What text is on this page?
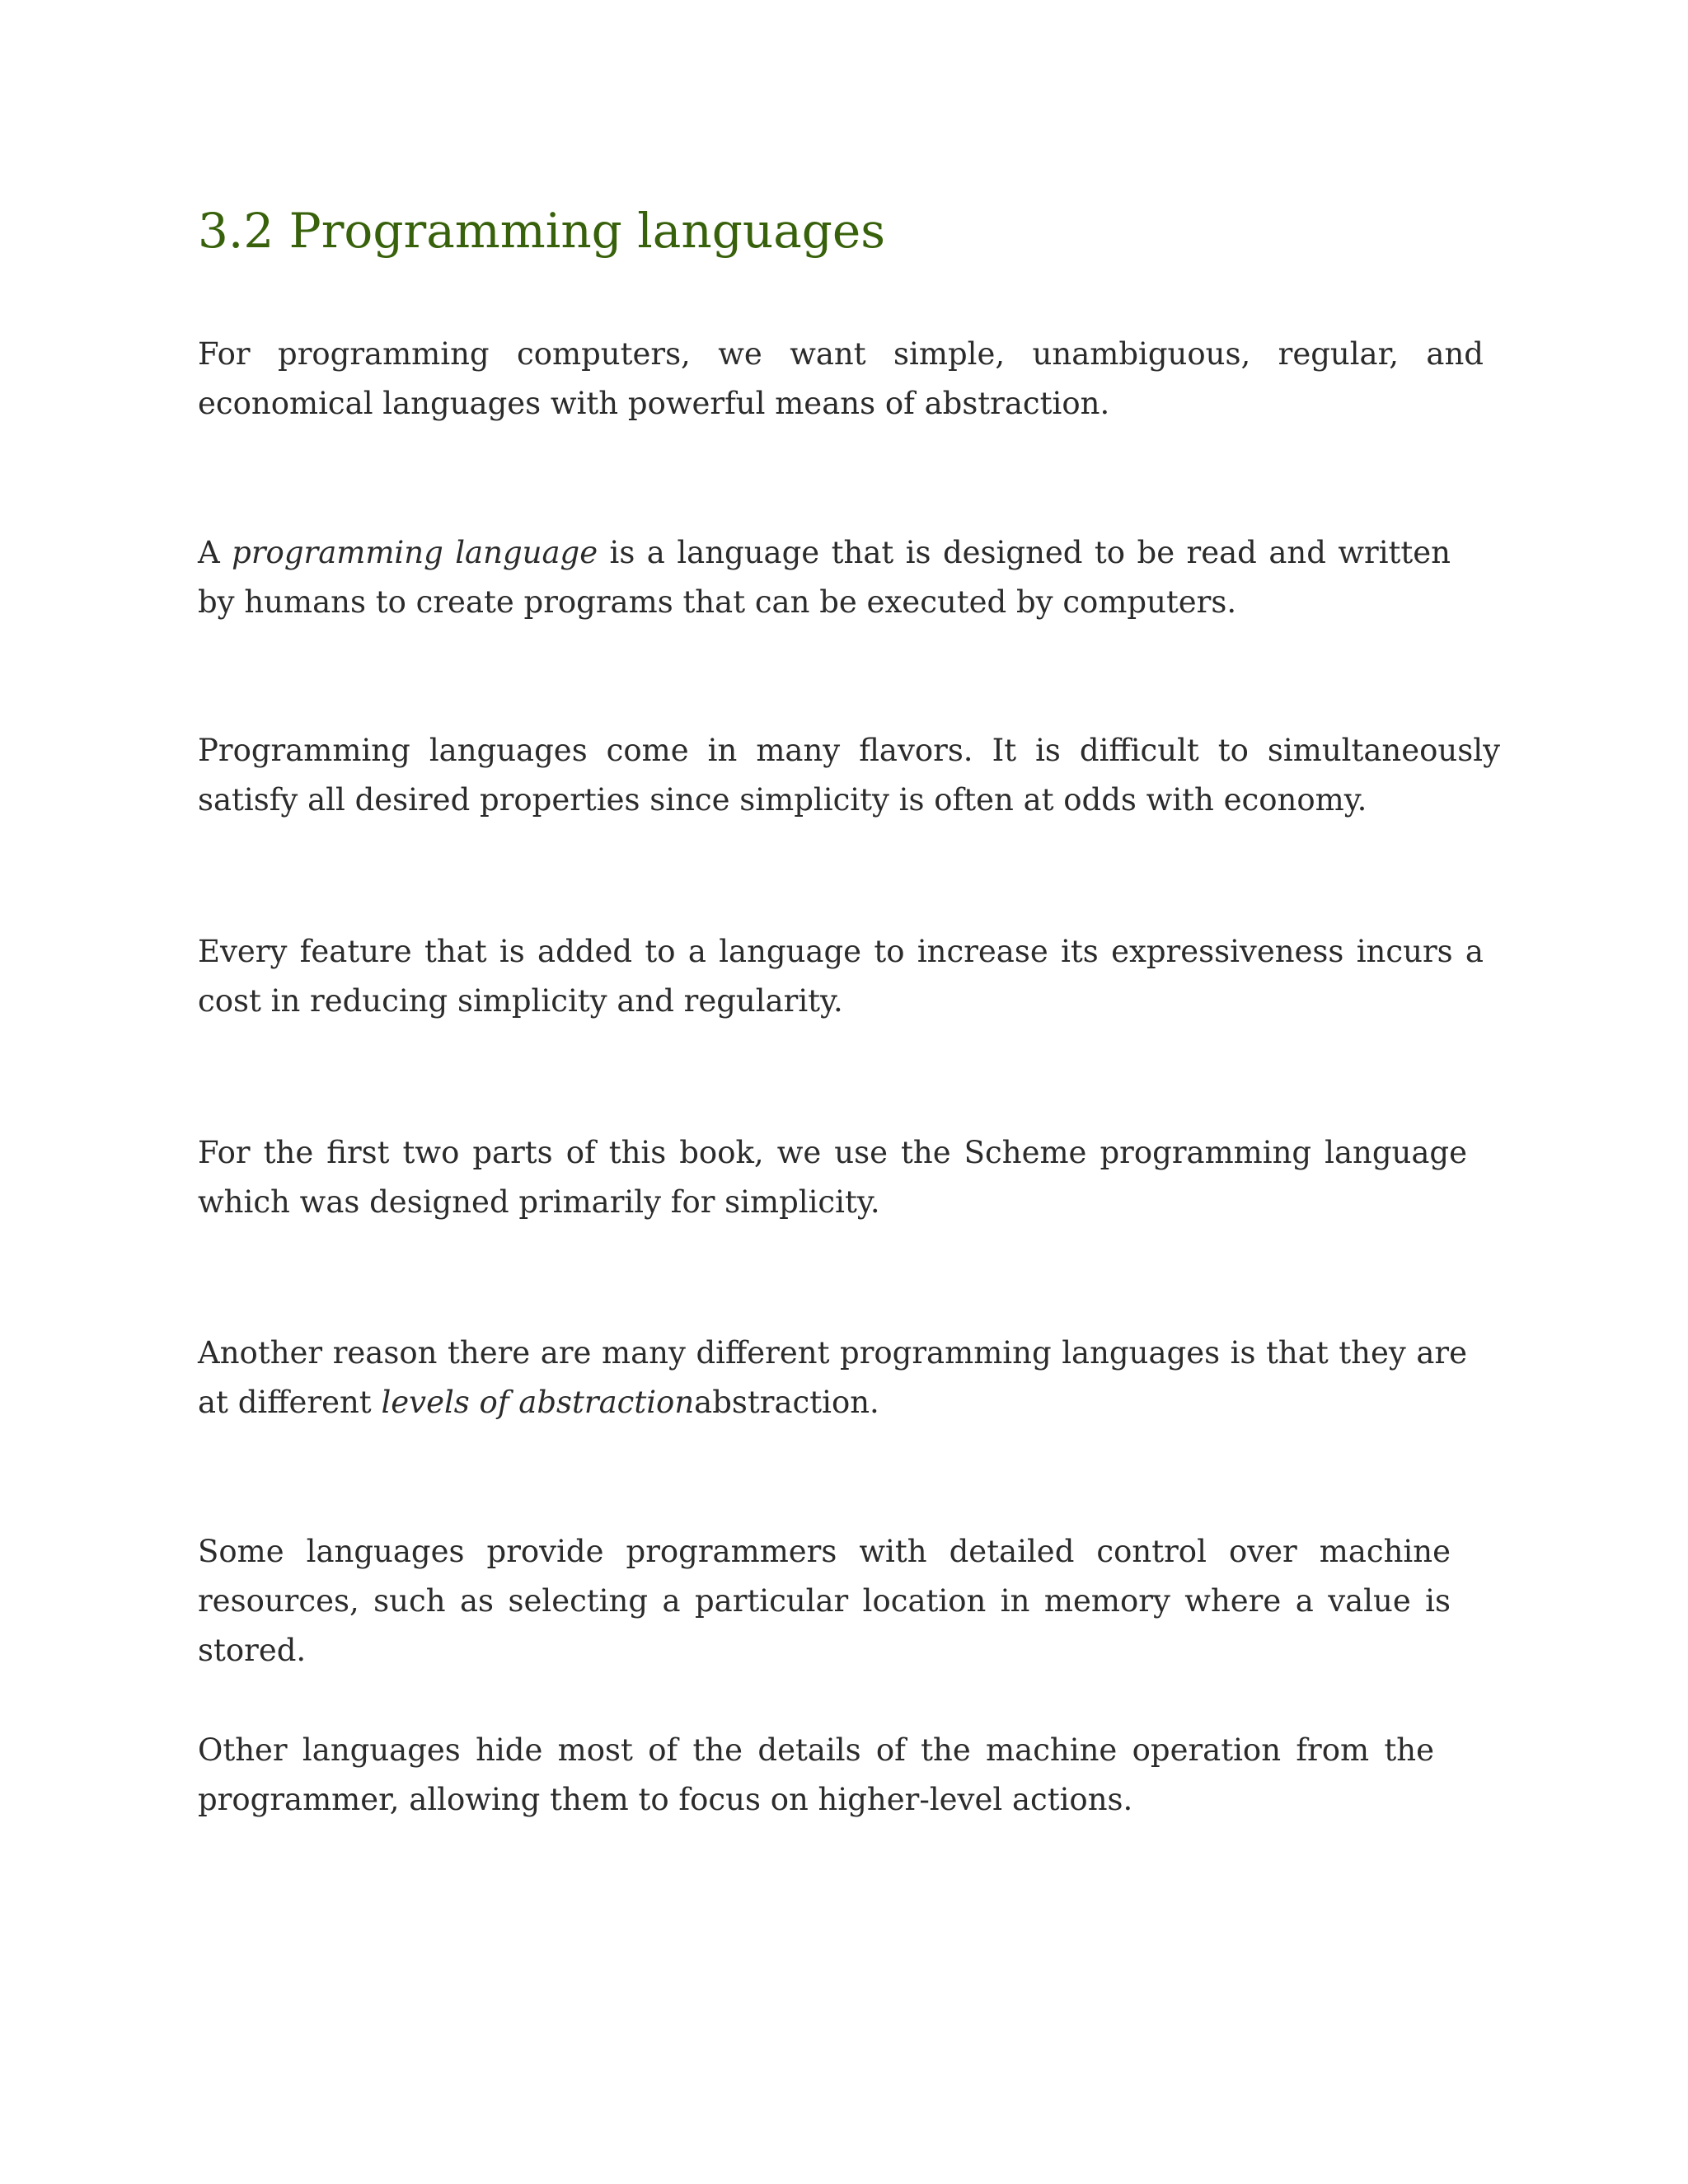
3.2 Programming languages

For programming computers, we want simple, unambiguous, regular, and economical languages with powerful means of abstraction.

A programming language is a language that is designed to be read and written by humans to create programs that can be executed by computers.

Programming languages come in many flavors. It is difficult to simultaneously satisfy all desired properties since simplicity is often at odds with economy.

Every feature that is added to a language to increase its expressiveness incurs a cost in reducing simplicity and regularity.

For the first two parts of this book, we use the Scheme programming language which was designed primarily for simplicity.

Another reason there are many different programming languages is that they are at different levels of abstractionabstraction.

Some languages provide programmers with detailed control over machine resources, such as selecting a particular location in memory where a value is stored.

Other languages hide most of the details of the machine operation from the programmer, allowing them to focus on higher-level actions.
